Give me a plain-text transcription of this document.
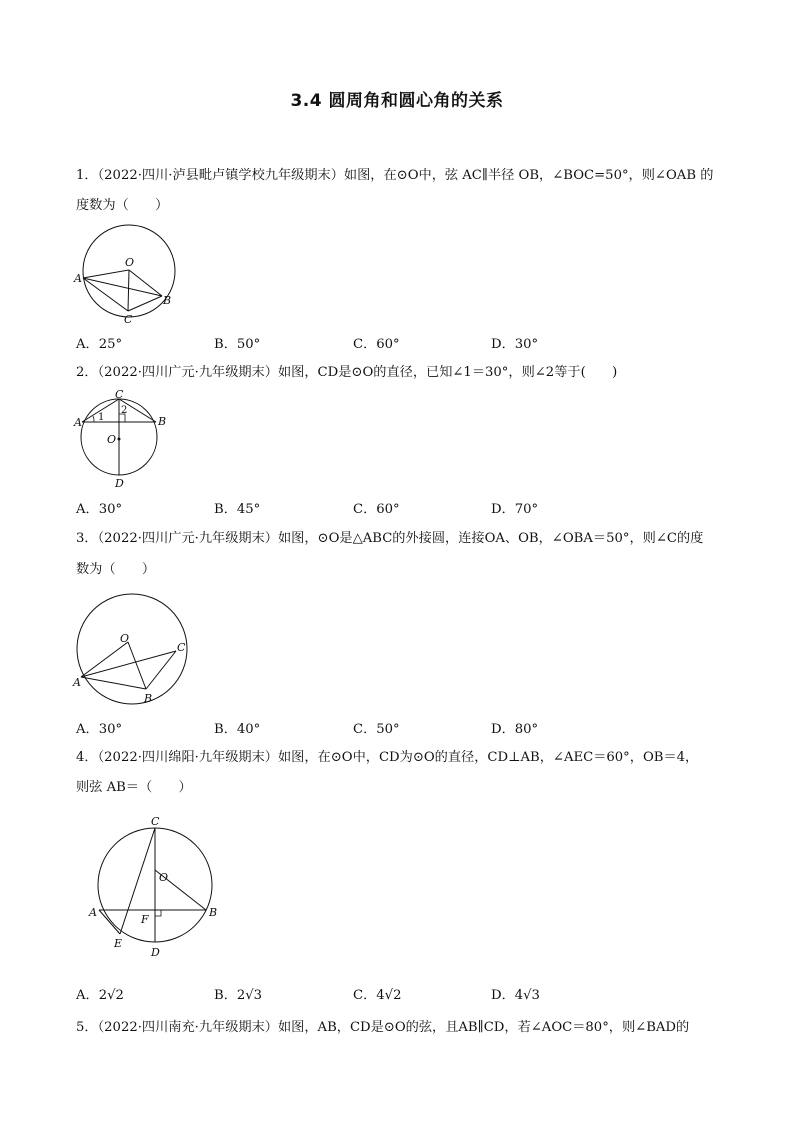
3.4 圆周角和圆心角的关系
1．（2022·四川·泸县毗卢镇学校九年级期末）如图，在⊙O中，弦 AC∥半径 OB，∠BOC=50°，则∠OAB 的
度数为（　　）
O
A
B
C
A．25°	B．50°	C．60°	D．30°
2．（2022·四川广元·九年级期末）如图，CD是⊙O的直径，已知∠1＝30°，则∠2等于(　　)
C
A	B
O
D
1
2
A．30°	B．45°	C．60°	D．70°
3．（2022·四川广元·九年级期末）如图，⊙O是△ABC的外接圆，连接OA、OB，∠OBA＝50°，则∠C的度
数为（　　）
O
C
A
B
A．30°	B．40°	C．50°	D．80°
4．（2022·四川绵阳·九年级期末）如图，在⊙O中，CD为⊙O的直径，CD⊥AB，∠AEC＝60°，OB＝4，
则弦 AB＝（　　）
C
O
A
F
B
E
D
A．2√2	B．2√3	C．4√2	D．4√3
5．（2022·四川南充·九年级期末）如图，AB，CD是⊙O的弦，且AB∥CD，若∠AOC＝80°，则∠BAD的
